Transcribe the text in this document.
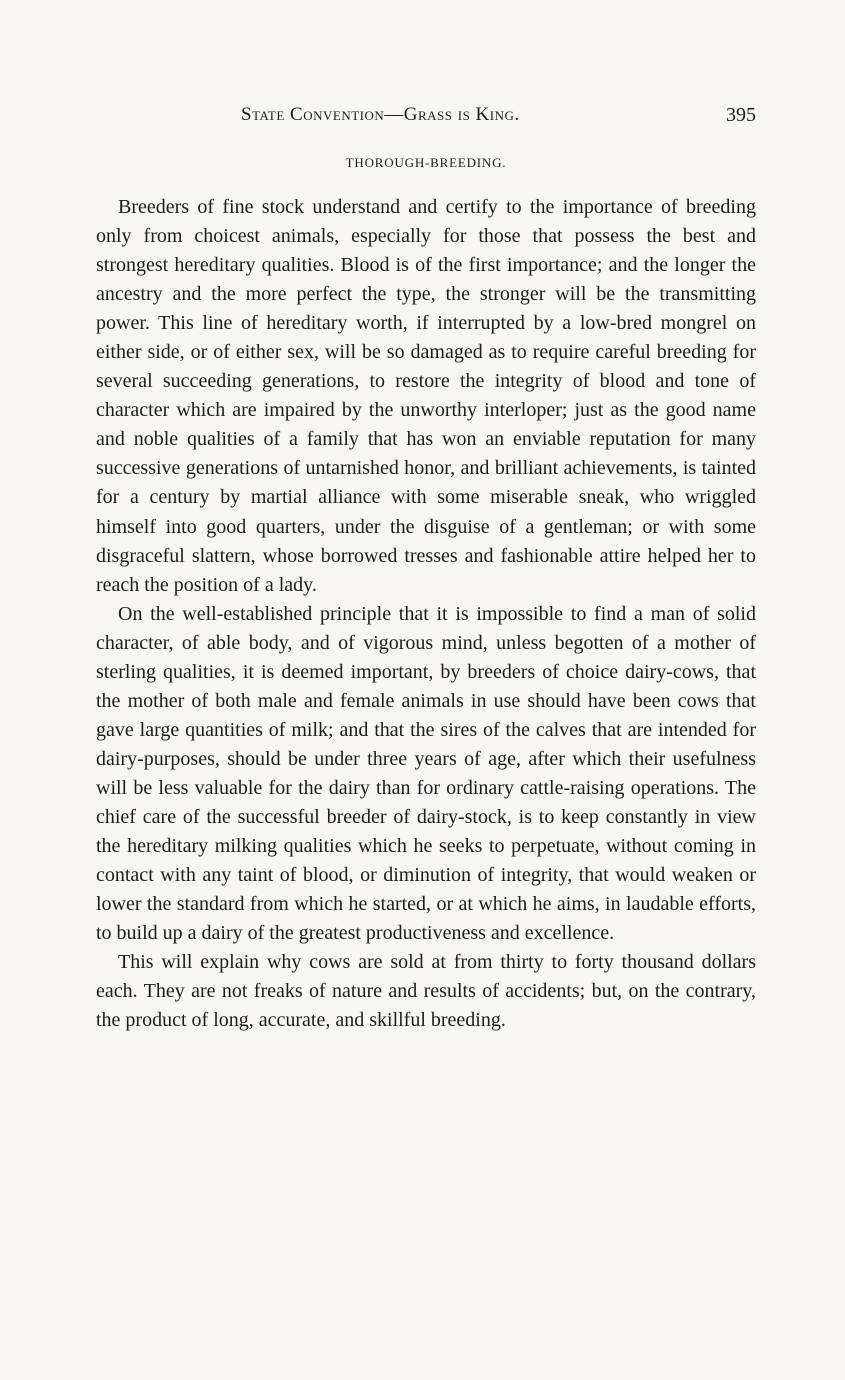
State Convention—Grass is King.	395
THOROUGH-BREEDING.

Breeders of fine stock understand and certify to the importance of breeding only from choicest animals, especially for those that possess the best and strongest hereditary qualities. Blood is of the first importance; and the longer the ancestry and the more perfect the type, the stronger will be the transmitting power. This line of hereditary worth, if interrupted by a low-bred mongrel on either side, or of either sex, will be so damaged as to require careful breeding for several succeeding generations, to restore the integrity of blood and tone of character which are impaired by the unworthy interloper; just as the good name and noble qualities of a family that has won an enviable reputation for many successive generations of untarnished honor, and brilliant achievements, is tainted for a century by martial alliance with some miserable sneak, who wriggled himself into good quarters, under the disguise of a gentleman; or with some disgraceful slattern, whose borrowed tresses and fashionable attire helped her to reach the position of a lady.

On the well-established principle that it is impossible to find a man of solid character, of able body, and of vigorous mind, unless begotten of a mother of sterling qualities, it is deemed important, by breeders of choice dairy-cows, that the mother of both male and female animals in use should have been cows that gave large quantities of milk; and that the sires of the calves that are intended for dairy-purposes, should be under three years of age, after which their usefulness will be less valuable for the dairy than for ordinary cattle-raising operations. The chief care of the successful breeder of dairy-stock, is to keep constantly in view the hereditary milking qualities which he seeks to perpetuate, without coming in contact with any taint of blood, or diminution of integrity, that would weaken or lower the standard from which he started, or at which he aims, in laudable efforts, to build up a dairy of the greatest productiveness and excellence.

This will explain why cows are sold at from thirty to forty thousand dollars each. They are not freaks of nature and results of accidents; but, on the contrary, the product of long, accurate, and skillful breeding.
